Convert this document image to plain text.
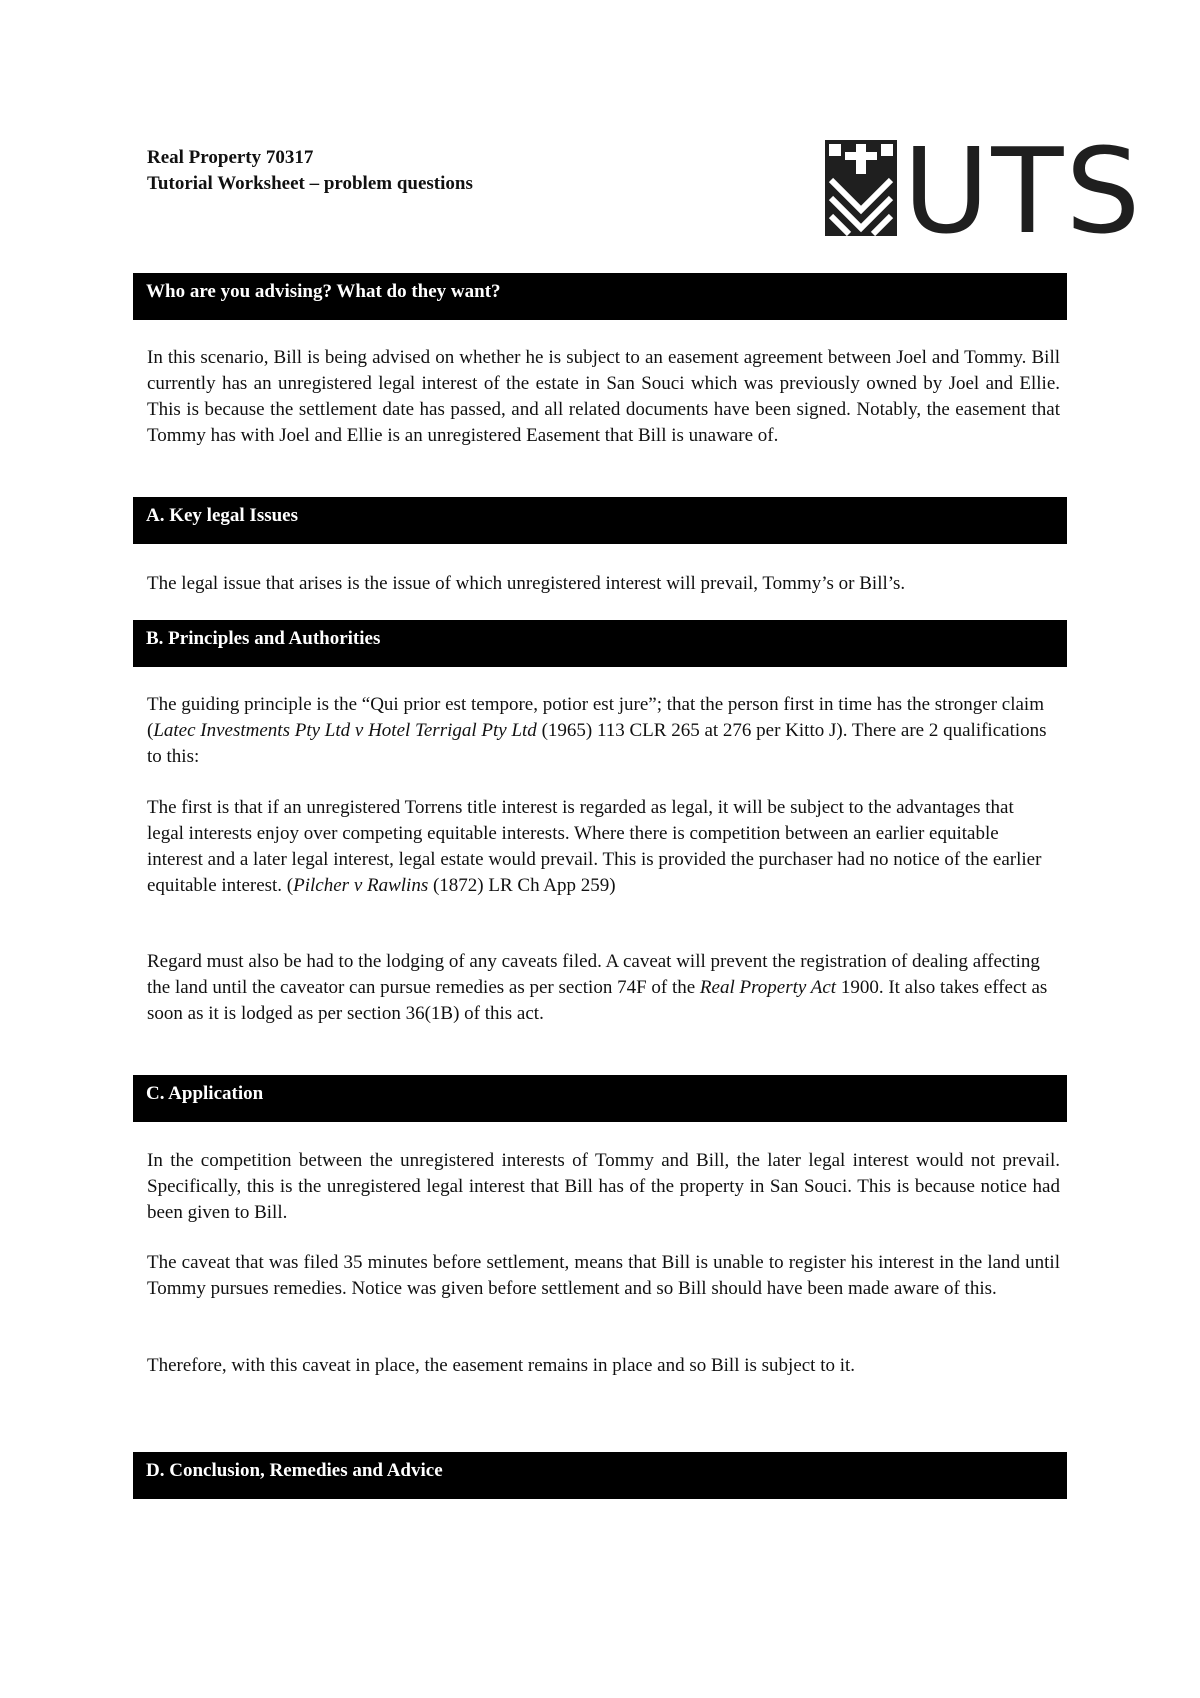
Real Property 70317
Tutorial Worksheet – problem questions	UTS
Who are you advising? What do they want?
In this scenario, Bill is being advised on whether he is subject to an easement agreement between Joel and Tommy. Bill currently has an unregistered legal interest of the estate in San Souci which was previously owned by Joel and Ellie. This is because the settlement date has passed, and all related documents have been signed. Notably, the easement that Tommy has with Joel and Ellie is an unregistered Easement that Bill is unaware of.
A. Key legal Issues
The legal issue that arises is the issue of which unregistered interest will prevail, Tommy’s or Bill’s.
B. Principles and Authorities
The guiding principle is the “Qui prior est tempore, potior est jure”; that the person first in time has the stronger claim (Latec Investments Pty Ltd v Hotel Terrigal Pty Ltd (1965) 113 CLR 265 at 276 per Kitto J). There are 2 qualifications to this:
The first is that if an unregistered Torrens title interest is regarded as legal, it will be subject to the advantages that legal interests enjoy over competing equitable interests. Where there is competition between an earlier equitable interest and a later legal interest, legal estate would prevail. This is provided the purchaser had no notice of the earlier equitable interest. (Pilcher v Rawlins (1872) LR Ch App 259)
Regard must also be had to the lodging of any caveats filed. A caveat will prevent the registration of dealing affecting the land until the caveator can pursue remedies as per section 74F of the Real Property Act 1900. It also takes effect as soon as it is lodged as per section 36(1B) of this act.
C. Application
In the competition between the unregistered interests of Tommy and Bill, the later legal interest would not prevail. Specifically, this is the unregistered legal interest that Bill has of the property in San Souci. This is because notice had been given to Bill.
The caveat that was filed 35 minutes before settlement, means that Bill is unable to register his interest in the land until Tommy pursues remedies. Notice was given before settlement and so Bill should have been made aware of this.
Therefore, with this caveat in place, the easement remains in place and so Bill is subject to it.
D. Conclusion, Remedies and Advice
